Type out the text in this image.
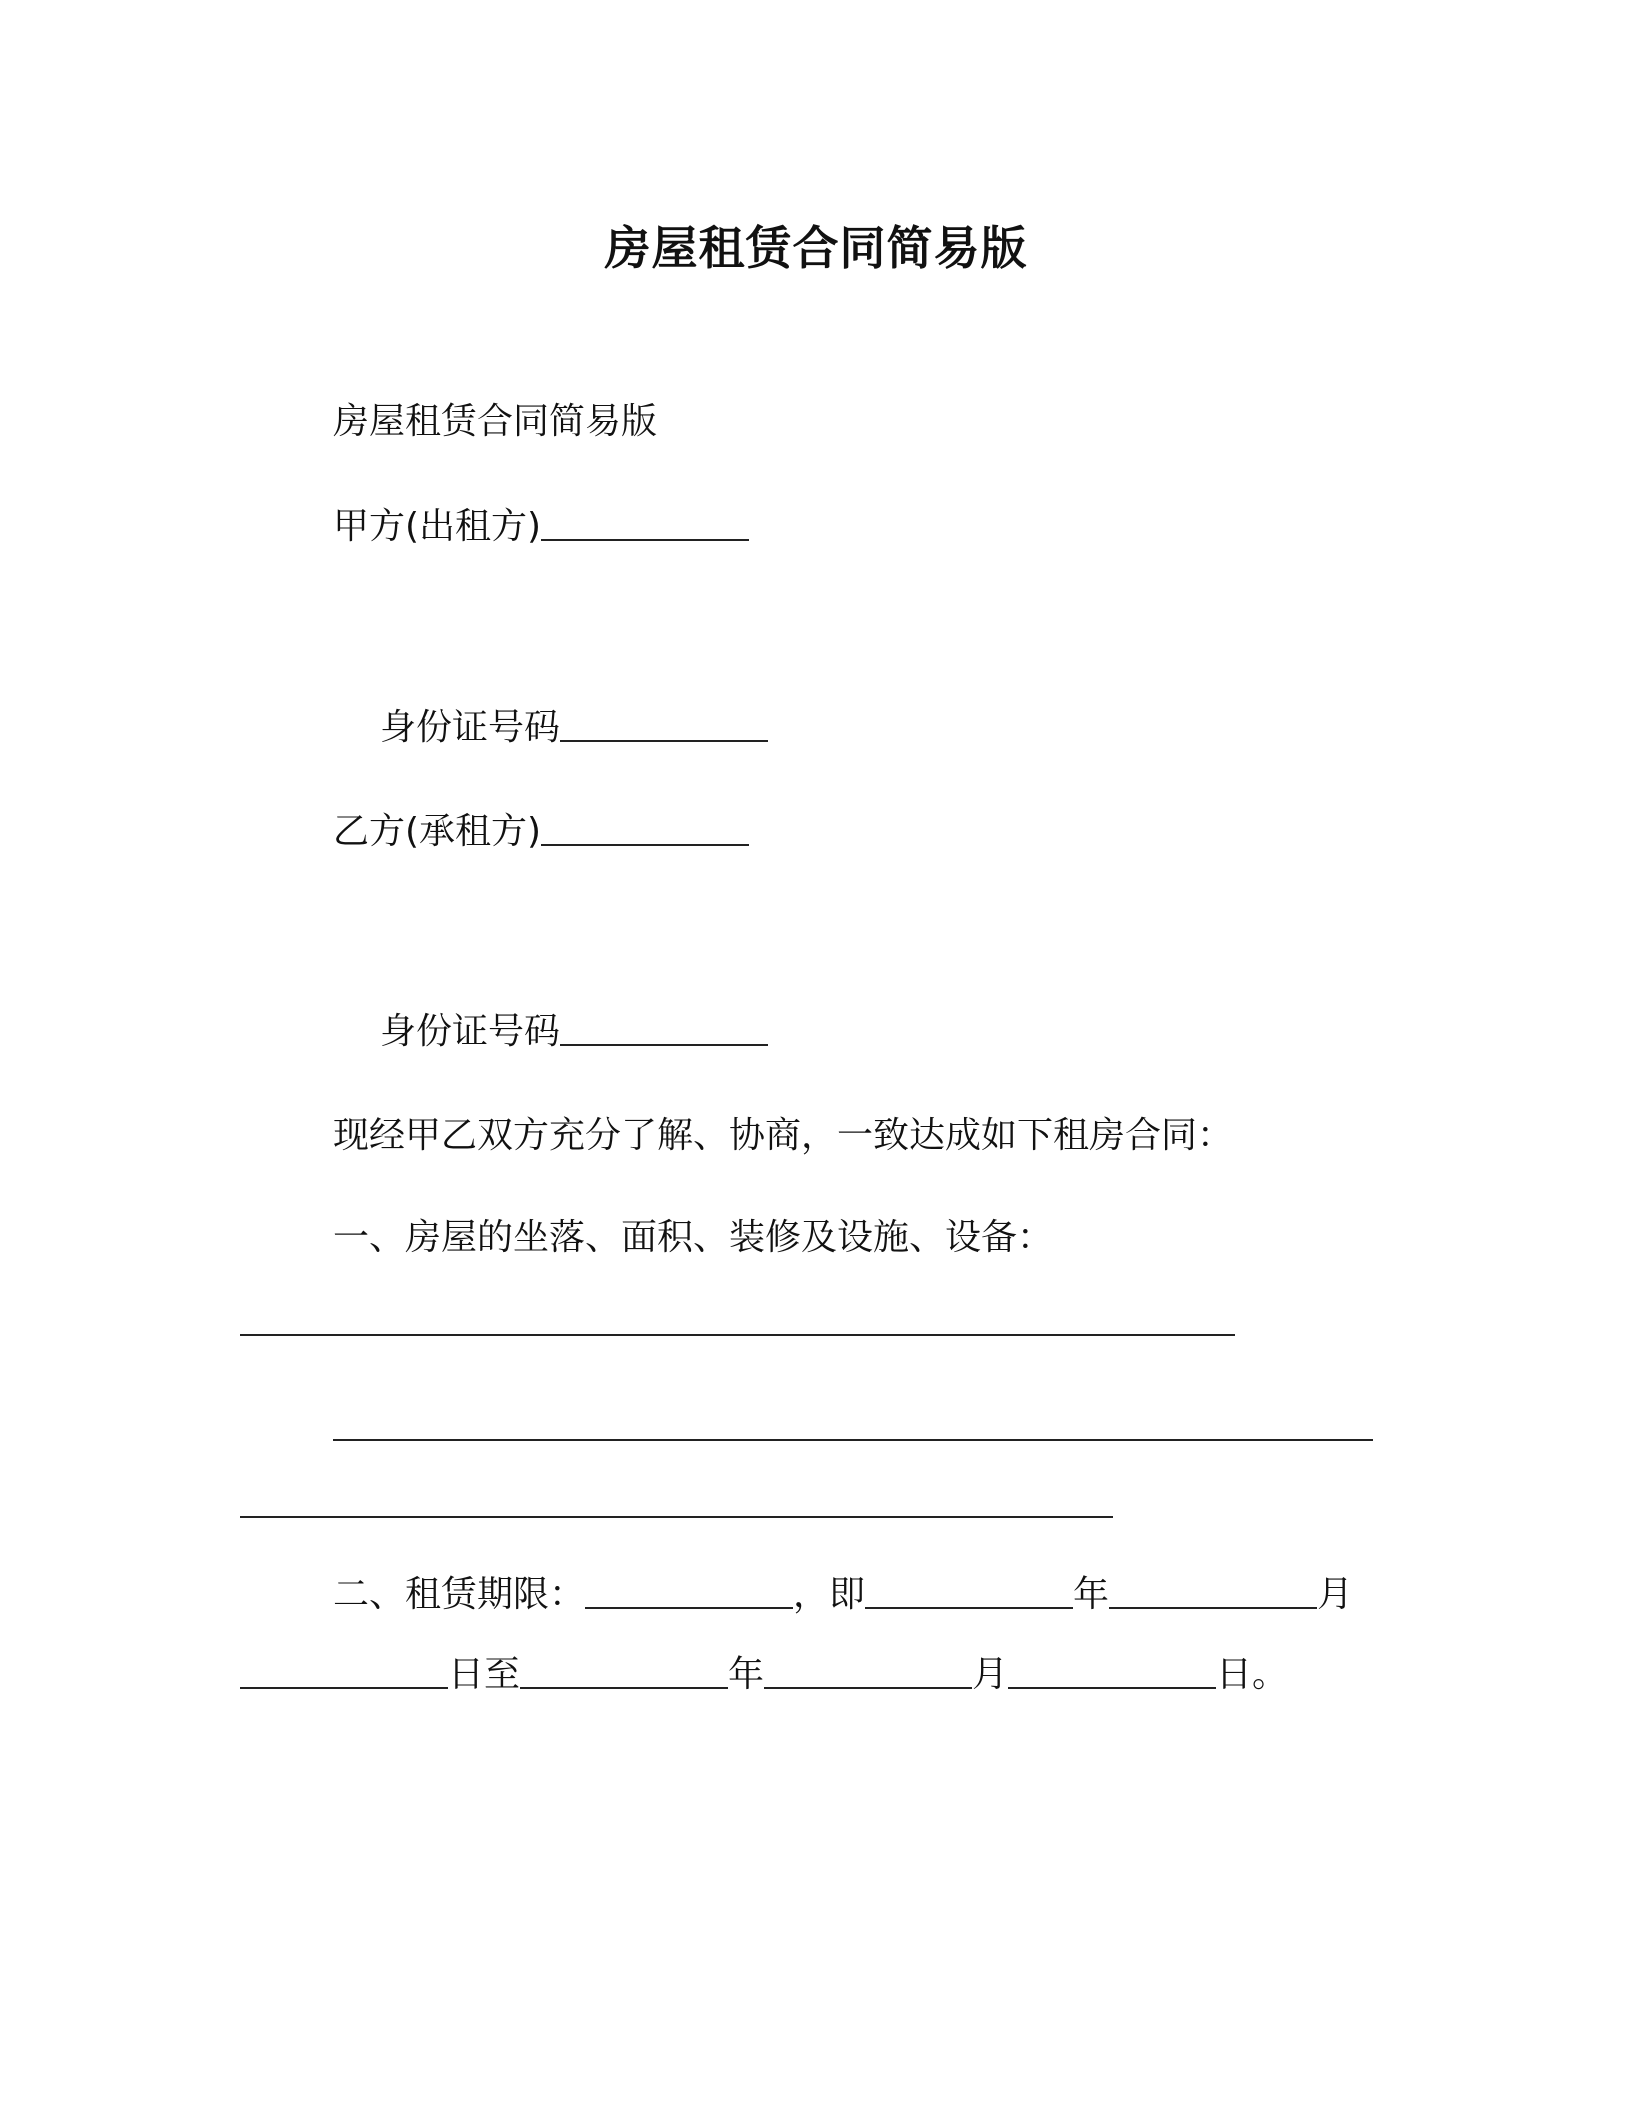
房屋租赁合同简易版
房屋租赁合同简易版
甲方(出租方)
身份证号码
乙方(承租方)
身份证号码
现经甲乙双方充分了解、协商，一致达成如下租房合同：
一、房屋的坐落、面积、装修及设施、设备：
二、租赁期限：	，即	年	月
日至	年	月	日。
